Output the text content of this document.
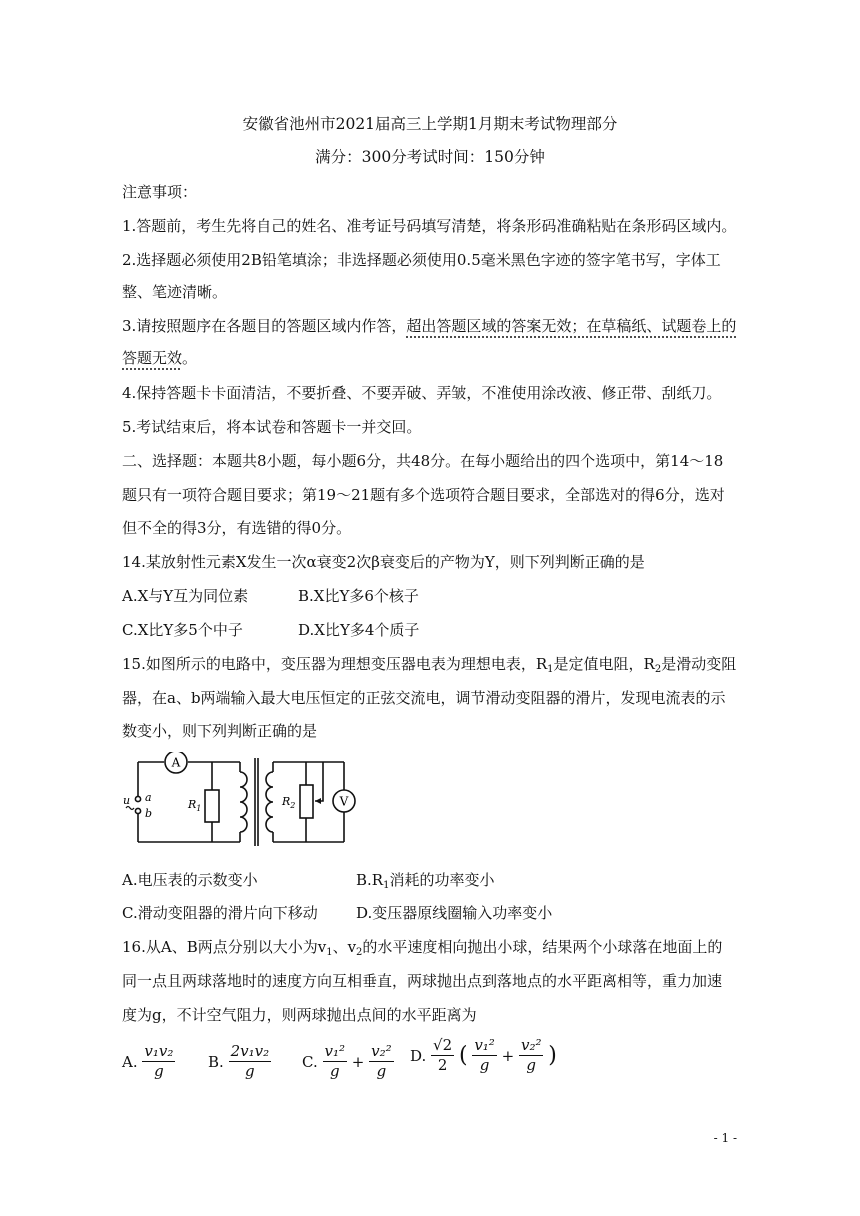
安徽省池州市2021届高三上学期1月期末考试物理部分
满分：300分考试时间：150分钟
注意事项：
1.答题前，考生先将自己的姓名、准考证号码填写清楚，将条形码准确粘贴在条形码区域内。
2.选择题必须使用2B铅笔填涂；非选择题必须使用0.5毫米黑色字迹的签字笔书写，字体工
整、笔迹清晰。
3.请按照题序在各题目的答题区域内作答，超出答题区域的答案无效；在草稿纸、试题卷上的
答题无效。
4.保持答题卡卡面清洁，不要折叠、不要弄破、弄皱，不准使用涂改液、修正带、刮纸刀。
5.考试结束后，将本试卷和答题卡一并交回。
二、选择题：本题共8小题，每小题6分，共48分。在每小题给出的四个选项中，第14～18
题只有一项符合题目要求；第19～21题有多个选项符合题目要求，全部选对的得6分，选对
但不全的得3分，有选错的得0分。
14.某放射性元素X发生一次α衰变2次β衰变后的产物为Y，则下列判断正确的是
A.X与Y互为同位素	B.X比Y多6个核子
C.X比Y多5个中子	D.X比Y多4个质子
15.如图所示的电路中，变压器为理想变压器电表为理想电表，$R_1$是定值电阻，$R_2$是滑动变阻
器，在a、b两端输入最大电压恒定的正弦交流电，调节滑动变阻器的滑片，发现电流表的示
数变小，则下列判断正确的是
A
V
a
b
u	$R_1$
$R_2$
A.电压表的示数变小	$B.R_1$消耗的功率变小
C.滑动变阻器的滑片向下移动	D.变压器原线圈输入功率变小
16.从A、B两点分别以大小为$v_1$、$v_2$的水平速度相向抛出小球，结果两个小球落在地面上的
同一点且两球落地时的速度方向互相垂直，两球抛出点到落地点的水平距离相等，重力加速
度为g，不计空气阻力，则两球抛出点间的水平距离为
A. $\frac{\text{v₁v₂}}{g} B$. $\frac{\text{2v₁v₂}}{g} C$. $\frac{\text{v₁²}}{g} + \frac{\text{v₂²}}{g} D$. $\frac{√2}{2}$ ( $\frac{\text{v₁²}}{g} + \frac{\text{v₂²}}{g}$ )
- 1 -
